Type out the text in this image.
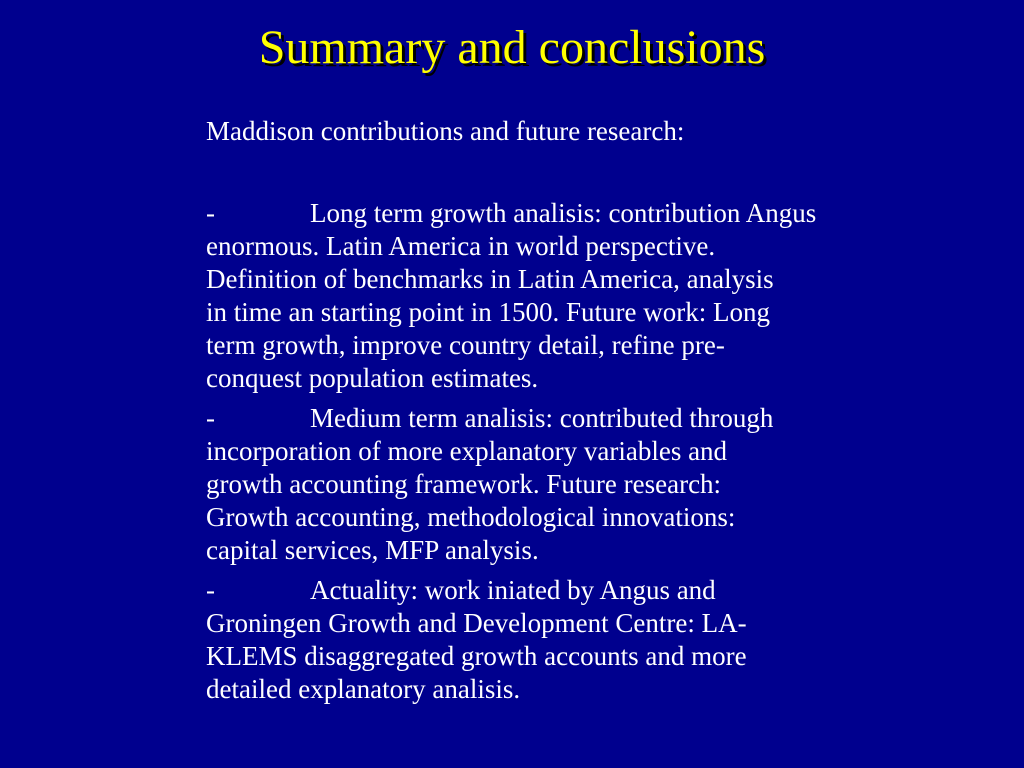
Summary and conclusions
Maddison contributions and future research:
-	Long term growth analisis: contribution Angus
enormous. Latin America in world perspective.
Definition of benchmarks in Latin America, analysis
in time an starting point in 1500. Future work: Long
term growth, improve country detail, refine pre-
conquest population estimates.
-	Medium term analisis: contributed through
incorporation of more explanatory variables and
growth accounting framework. Future research:
Growth accounting, methodological innovations:
capital services, MFP analysis.
-	Actuality: work iniated by Angus and
Groningen Growth and Development Centre: LA-
KLEMS disaggregated growth accounts and more
detailed explanatory analisis.
